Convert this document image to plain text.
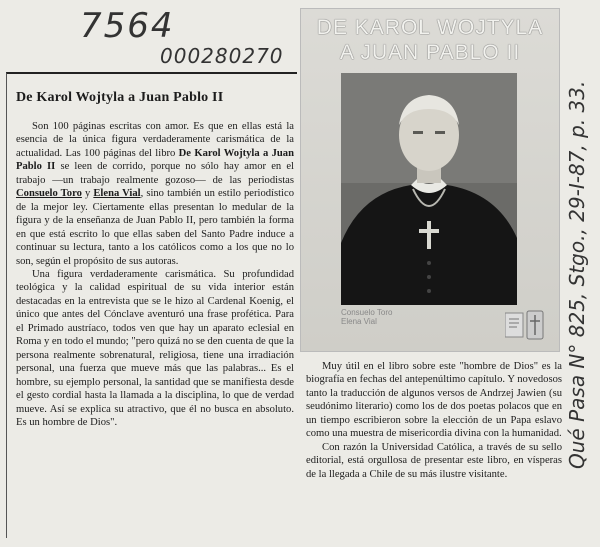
7564
000280270
Qué Pasa N° 825, Stgo., 29-I-87, p. 33.
De Karol Wojtyla a Juan Pablo II

Son 100 páginas escritas con amor. Es que en ellas está la esencia de la única figura verdaderamente carismática de la actualidad. Las 100 páginas del libro De Karol Wojtyla a Juan Pablo II se leen de corrido, porque no sólo hay amor en el trabajo —un trabajo realmente gozoso— de las periodistas Consuelo Toro y Elena Vial, sino también un estilo periodístico de la mejor ley. Ciertamente ellas presentan lo medular de la figura y de la enseñanza de Juan Pablo II, pero también la forma en que está escrito lo que ellas saben del Santo Padre induce a continuar su lectura, tanto a los católicos como a los que no lo son, según el propósito de sus autoras.

Una figura verdaderamente carismática. Su profundidad teológica y la calidad espiritual de su vida interior están destacadas en la entrevista que se le hizo al Cardenal Koenig, el único que antes del Cónclave aventuró una frase profética. Para el Primado austríaco, todos ven que hay un aparato eclesial en Roma y en todo el mundo; "pero quizá no se den cuenta de que la persona realmente sobrenatural, religiosa, tiene una irradiación personal, una fuerza que mueve más que las palabras... Es el hombre, su ejemplo personal, la santidad que se manifiesta desde el gesto cordial hasta la llamada a la disciplina, lo que de verdad mueve. Así se explica su atractivo, que él no busca en absoluto. Es un hombre de Dios".

DE KAROL WOJTYLA
A JUAN PABLO II
Consuelo Toro
Elena Vial

Muy útil en el libro sobre este "hombre de Dios" es la biografía en fechas del antepenúltimo capítulo. Y novedosos tanto la traducción de algunos versos de Andrzej Jawien (su seudónimo literario) como los de dos poetas polacos que en un tiempo escribieron sobre la elección de un Papa eslavo como una muestra de misericordia divina con la humanidad.

Con razón la Universidad Católica, a través de su sello editorial, está orgullosa de presentar este libro, en vísperas de la llegada a Chile de su más ilustre visitante.
